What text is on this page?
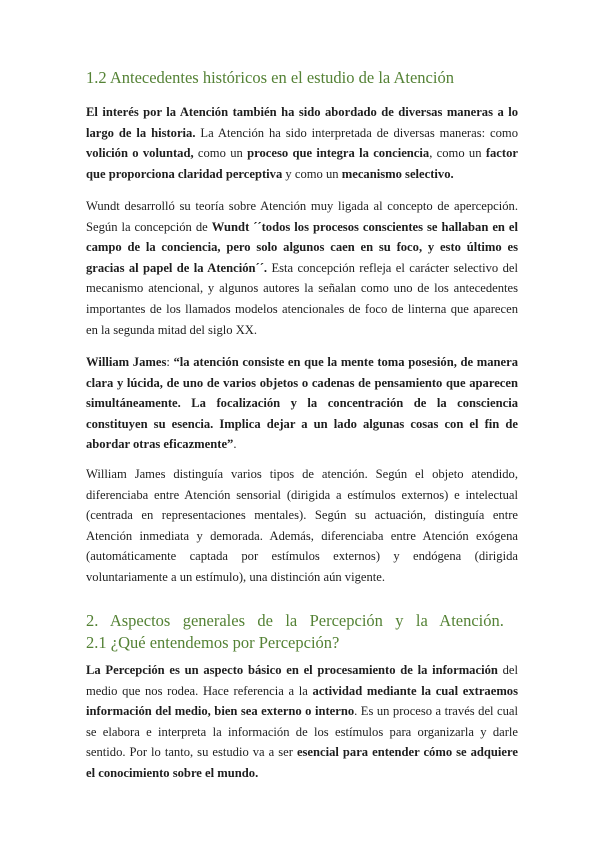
1.2 Antecedentes históricos en el estudio de la Atención

El interés por la Atención también ha sido abordado de diversas maneras a lo largo de la historia. La Atención ha sido interpretada de diversas maneras: como volición o voluntad, como un proceso que integra la conciencia, como un factor que proporciona claridad perceptiva y como un mecanismo selectivo.

Wundt desarrolló su teoría sobre Atención muy ligada al concepto de apercepción. Según la concepción de Wundt ´´todos los procesos conscientes se hallaban en el campo de la conciencia, pero solo algunos caen en su foco, y esto último es gracias al papel de la Atención´´. Esta concepción refleja el carácter selectivo del mecanismo atencional, y algunos autores la señalan como uno de los antecedentes importantes de los llamados modelos atencionales de foco de linterna que aparecen en la segunda mitad del siglo XX.

William James: “la atención consiste en que la mente toma posesión, de manera clara y lúcida, de uno de varios objetos o cadenas de pensamiento que aparecen simultáneamente. La focalización y la concentración de la consciencia constituyen su esencia. Implica dejar a un lado algunas cosas con el fin de abordar otras eficazmente”.

William James distinguía varios tipos de atención. Según el objeto atendido, diferenciaba entre Atención sensorial (dirigida a estímulos externos) e intelectual (centrada en representaciones mentales). Según su actuación, distinguía entre Atención inmediata y demorada. Además, diferenciaba entre Atención exógena (automáticamente captada por estímulos externos) y endógena (dirigida voluntariamente a un estímulo), una distinción aún vigente.

2.   Aspectos   generales   de   la   Percepción   y   la   Atención.
2.1 ¿Qué entendemos por Percepción?

La Percepción es un aspecto básico en el procesamiento de la información del medio que nos rodea. Hace referencia a la actividad mediante la cual extraemos información del medio, bien sea externo o interno. Es un proceso a través del cual se elabora e interpreta la información de los estímulos para organizarla y darle sentido. Por lo tanto, su estudio va a ser esencial para entender cómo se adquiere el conocimiento sobre el mundo.
